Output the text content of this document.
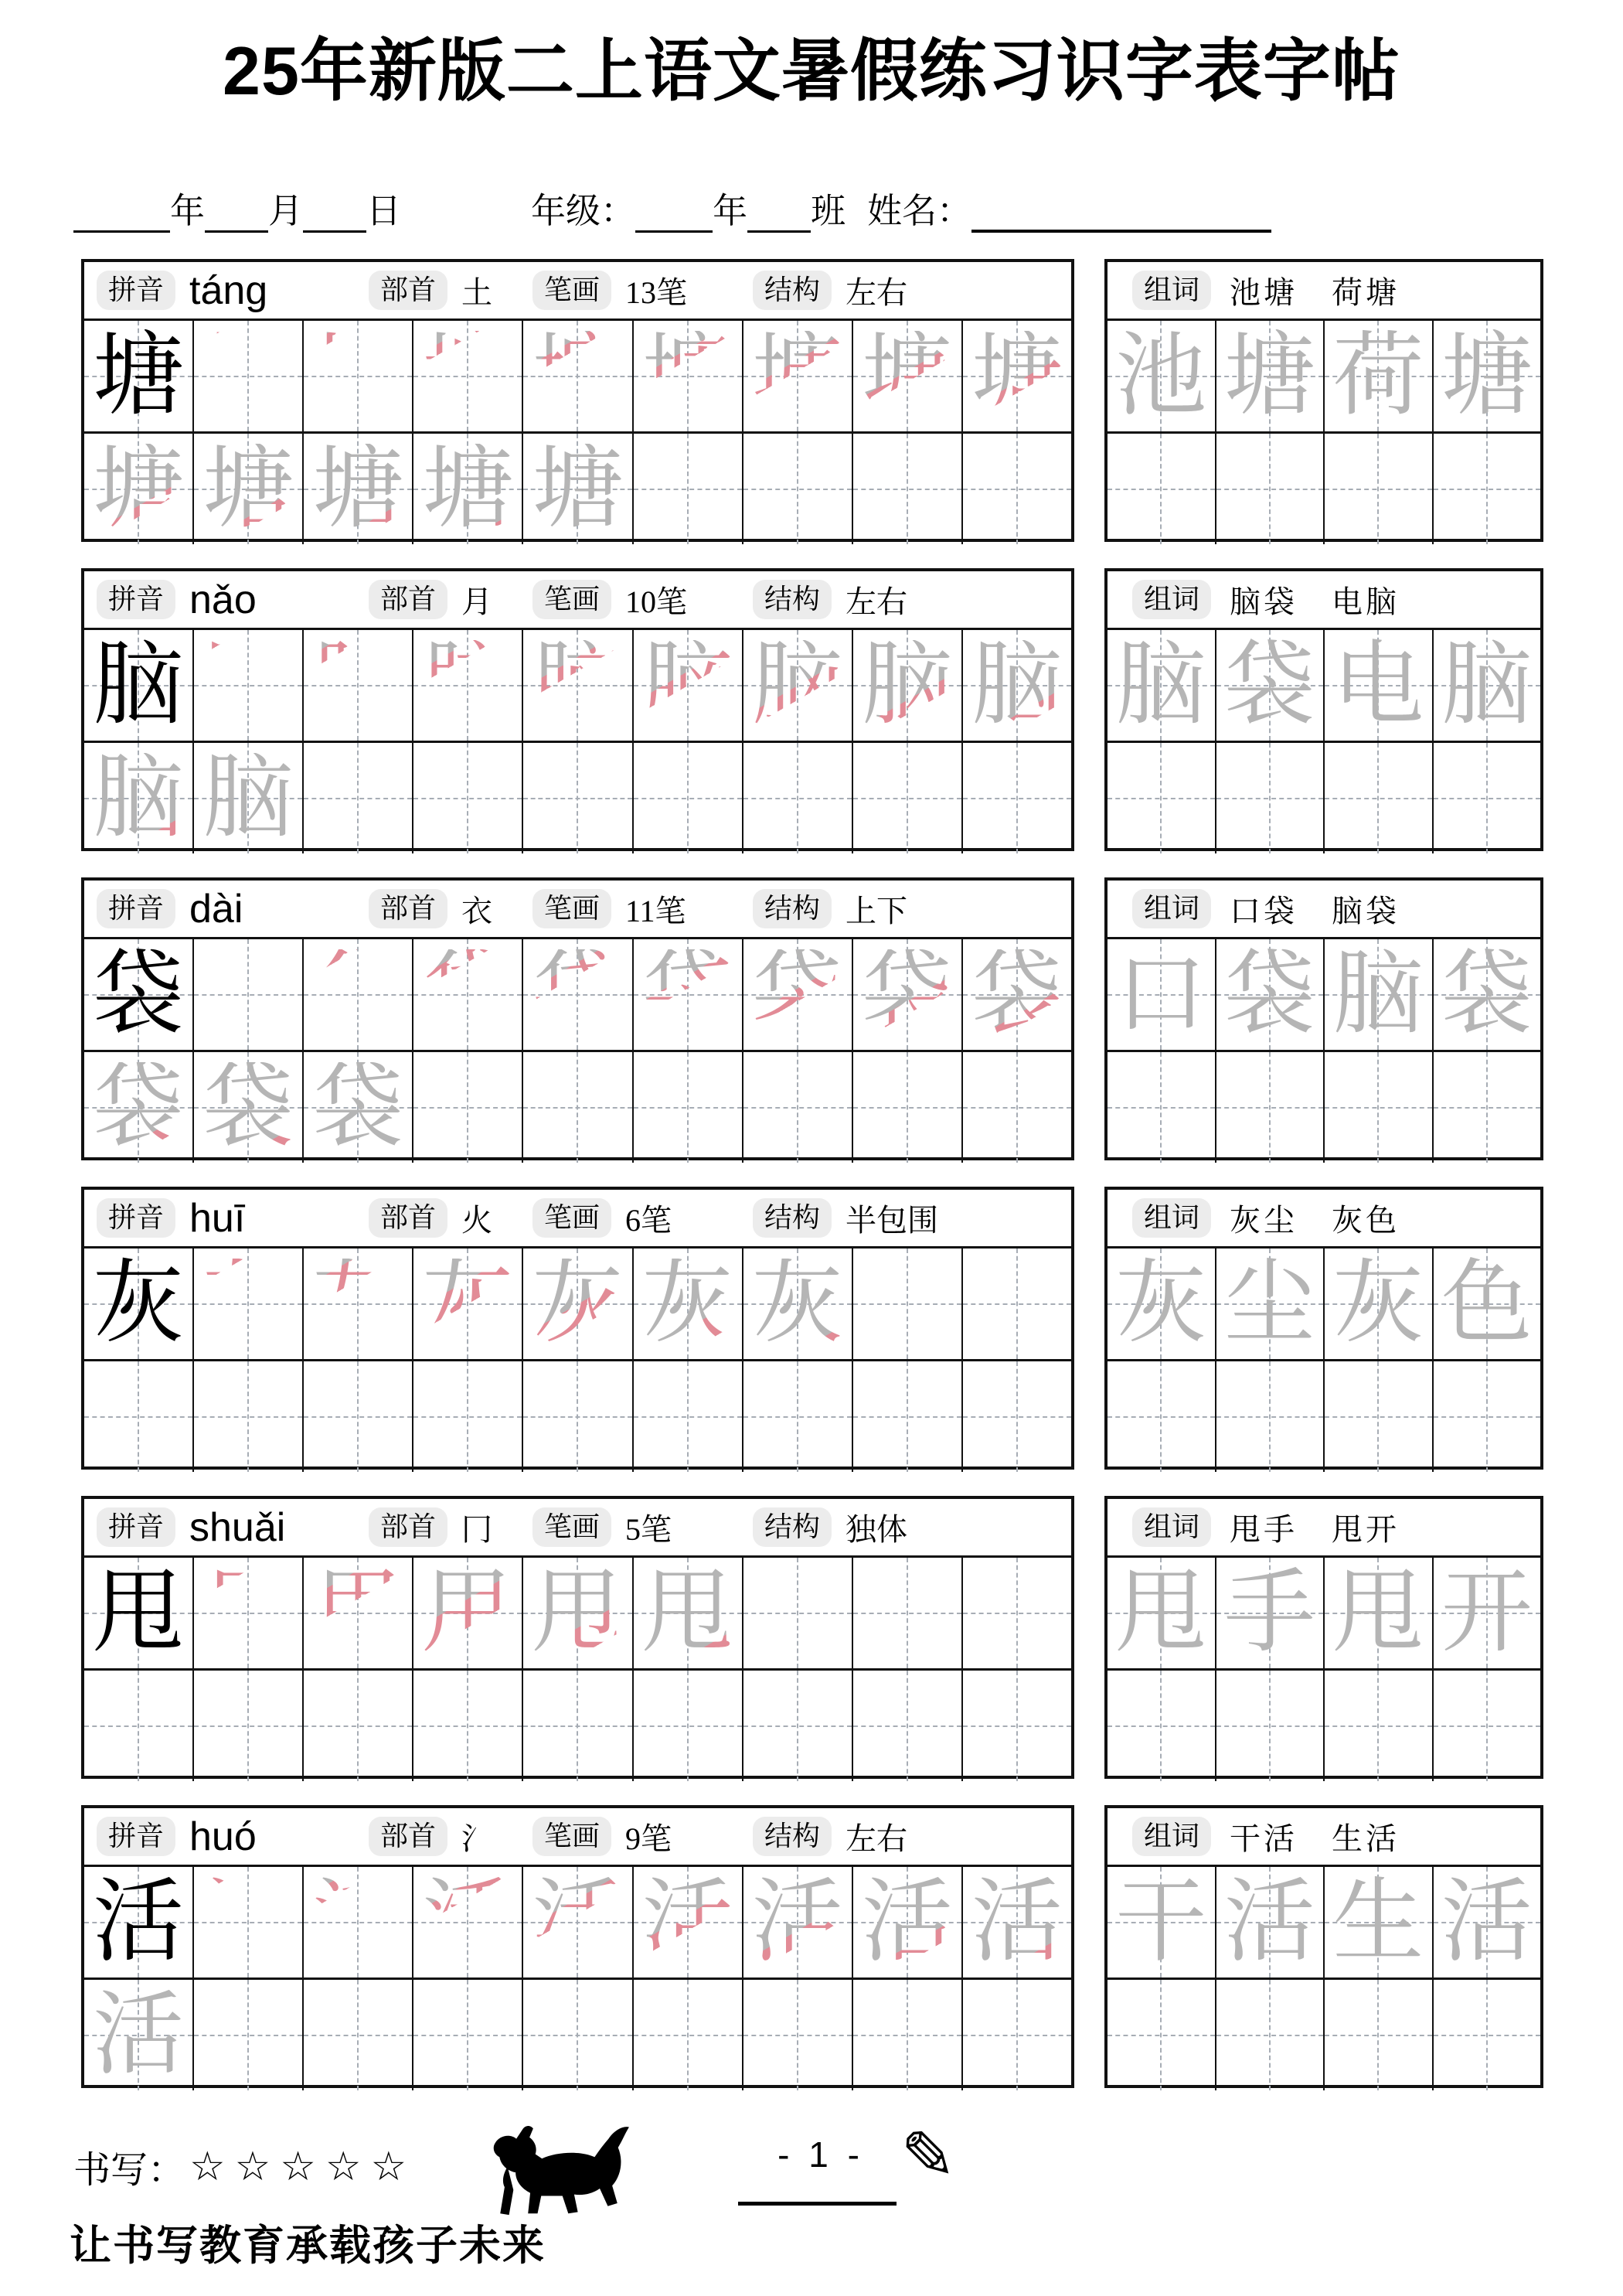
25年新版二上语文暑假练习识字表字帖
年 月 日	年级： 年 班 姓名：
拼音 táng	部首 土	笔画 13笔	结构 左右
塘 塘 塘 塘 塘 塘 塘 塘 塘
塘 塘 塘 塘 塘
组词 池塘　荷塘
池 塘 荷 塘
拼音 nǎo	部首 月	笔画 10笔	结构 左右
脑 脑 脑 脑 脑 脑 脑 脑 脑
脑 脑
组词 脑袋　电脑
脑 袋 电 脑
拼音 dài	部首 衣	笔画 11笔	结构 上下
袋 袋 袋 袋 袋 袋 袋 袋 袋
袋 袋 袋
组词 口袋　脑袋
口 袋 脑 袋
拼音 huī	部首 火	笔画 6笔	结构 半包围
灰 灰 灰 灰 灰 灰 灰
组词 灰尘　灰色
灰 尘 灰 色
拼音 shuǎi	部首 冂	笔画 5笔	结构 独体
甩 甩 甩 甩 甩 甩
组词 甩手　甩开
甩 手 甩 开
拼音 huó	部首 氵	笔画 9笔	结构 左右
活 活 活 活 活 活 活 活 活
活
组词 干活　生活
干 活 生 活
书写： ☆☆☆☆☆	- 1 - ✎
让书写教育承载孩子未来
